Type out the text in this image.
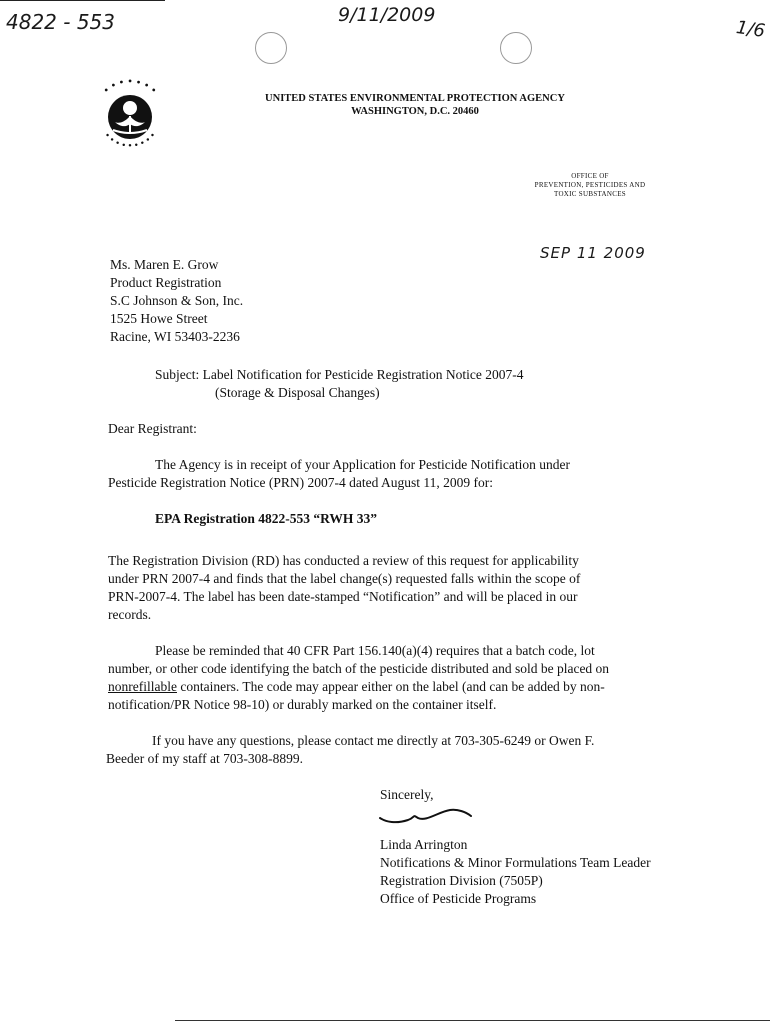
4822 - 553	9/11/2009
1/6
• • • • • • •
• • • • • • • • •
UNITED STATES ENVIRONMENTAL PROTECTION AGENCY
WASHINGTON, D.C. 20460
OFFICE OF
PREVENTION, PESTICIDES AND
TOXIC SUBSTANCES
SEP 11 2009
Ms. Maren E. Grow
Product Registration
S.C Johnson & Son, Inc.
1525 Howe Street
Racine, WI 53403-2236
Subject: Label Notification for Pesticide Registration Notice 2007-4
(Storage & Disposal Changes)
Dear Registrant:
The Agency is in receipt of your Application for Pesticide Notification under
Pesticide Registration Notice (PRN) 2007-4 dated August 11, 2009 for:
EPA Registration 4822-553 “RWH 33”
The Registration Division (RD) has conducted a review of this request for applicability
under PRN 2007-4 and finds that the label change(s) requested falls within the scope of
PRN-2007-4. The label has been date-stamped “Notification” and will be placed in our
records.
Please be reminded that 40 CFR Part 156.140(a)(4) requires that a batch code, lot
number, or other code identifying the batch of the pesticide distributed and sold be placed on
nonrefillable containers. The code may appear either on the label (and can be added by non-
notification/PR Notice 98-10) or durably marked on the container itself.
If you have any questions, please contact me directly at 703-305-6249 or Owen F.
Beeder of my staff at 703-308-8899.
Sincerely,
Linda Arrington
Notifications & Minor Formulations Team Leader
Registration Division (7505P)
Office of Pesticide Programs
